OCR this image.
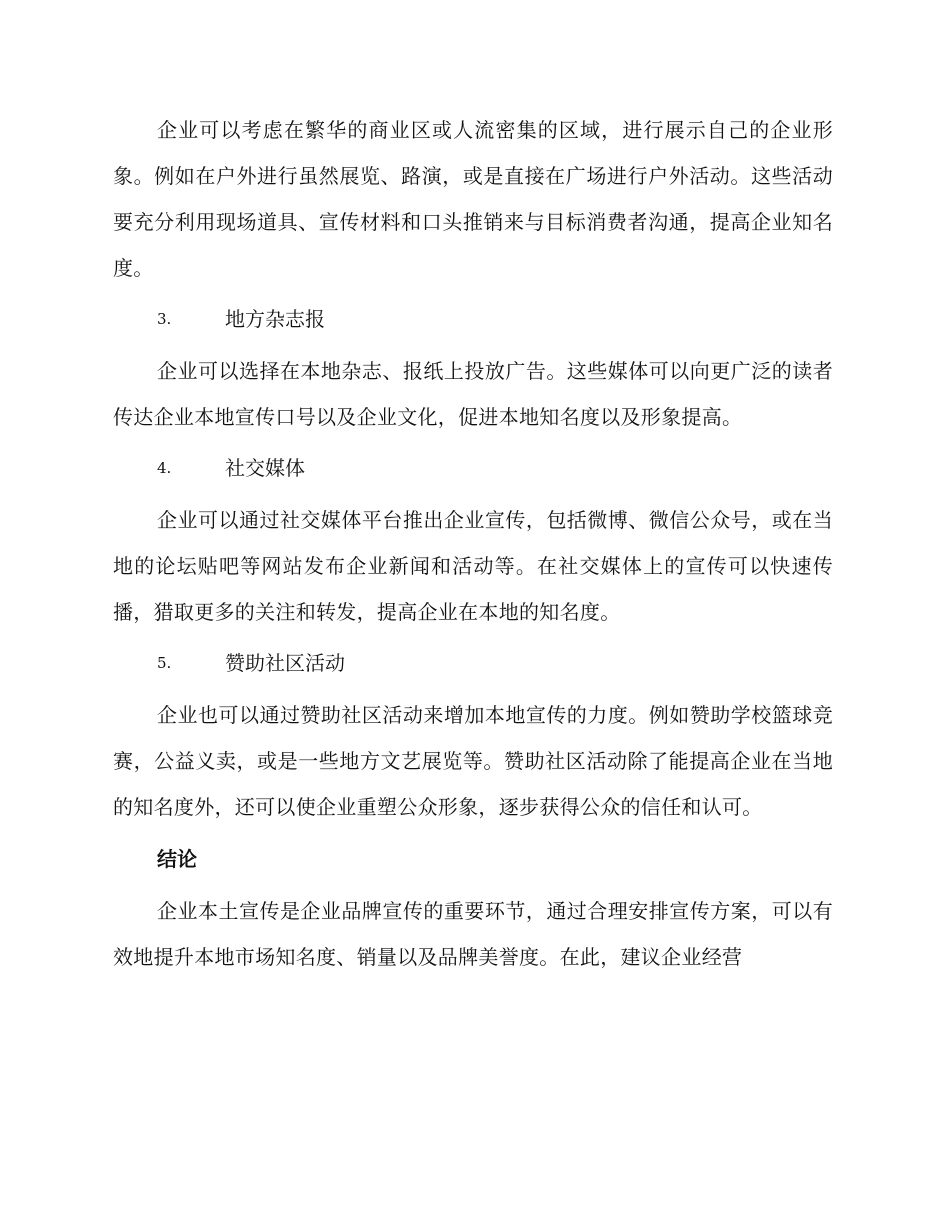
企业可以考虑在繁华的商业区或人流密集的区域，进行展示自己的企业形象。例如在户外进行虽然展览、路演，或是直接在广场进行户外活动。这些活动要充分利用现场道具、宣传材料和口头推销来与目标消费者沟通，提高企业知名度。

3.	地方杂志报

企业可以选择在本地杂志、报纸上投放广告。这些媒体可以向更广泛的读者传达企业本地宣传口号以及企业文化，促进本地知名度以及形象提高。

4.	社交媒体

企业可以通过社交媒体平台推出企业宣传，包括微博、微信公众号，或在当地的论坛贴吧等网站发布企业新闻和活动等。在社交媒体上的宣传可以快速传播，猎取更多的关注和转发，提高企业在本地的知名度。

5.	赞助社区活动

企业也可以通过赞助社区活动来增加本地宣传的力度。例如赞助学校篮球竞赛，公益义卖，或是一些地方文艺展览等。赞助社区活动除了能提高企业在当地的知名度外，还可以使企业重塑公众形象，逐步获得公众的信任和认可。

结论

企业本土宣传是企业品牌宣传的重要环节，通过合理安排宣传方案，可以有效地提升本地市场知名度、销量以及品牌美誉度。在此，建议企业经营
